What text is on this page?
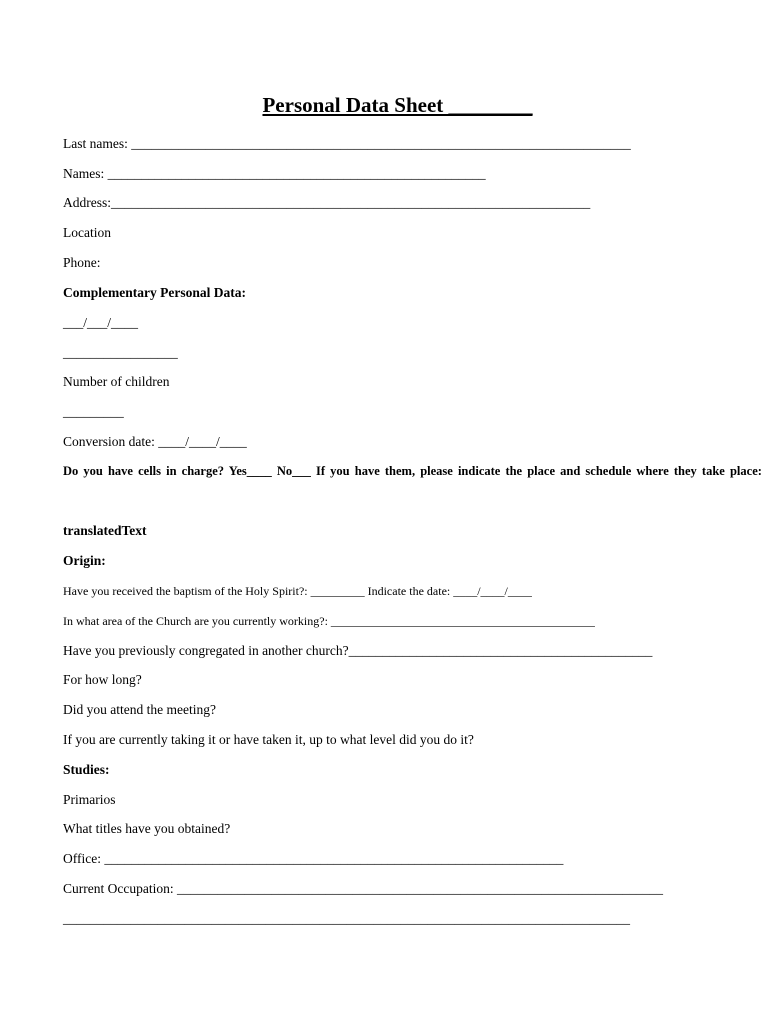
Personal Data Sheet ________

Last names: __________________________________________________________________________

Names: ________________________________________________________

Address:_______________________________________________________________________

Location

Phone:

Complementary Personal Data:

___/___/____

_________________

Number of children

_________

Conversion date: ____/____/____

Do you have cells in charge? Yes____ No___ If you have them, please indicate the place and schedule where they take place:

translatedText

Origin:

Have you received the baptism of the Holy Spirit?: _________ Indicate the date: ____/____/____

In what area of the Church are you currently working?: ____________________________________________

Have you previously congregated in another church?_____________________________________________

For how long?

Did you attend the meeting?

If you are currently taking it or have taken it, up to what level did you do it?

Studies:

Primarios

What titles have you obtained?

Office: ____________________________________________________________________

Current Occupation: ________________________________________________________________________

____________________________________________________________________________________
